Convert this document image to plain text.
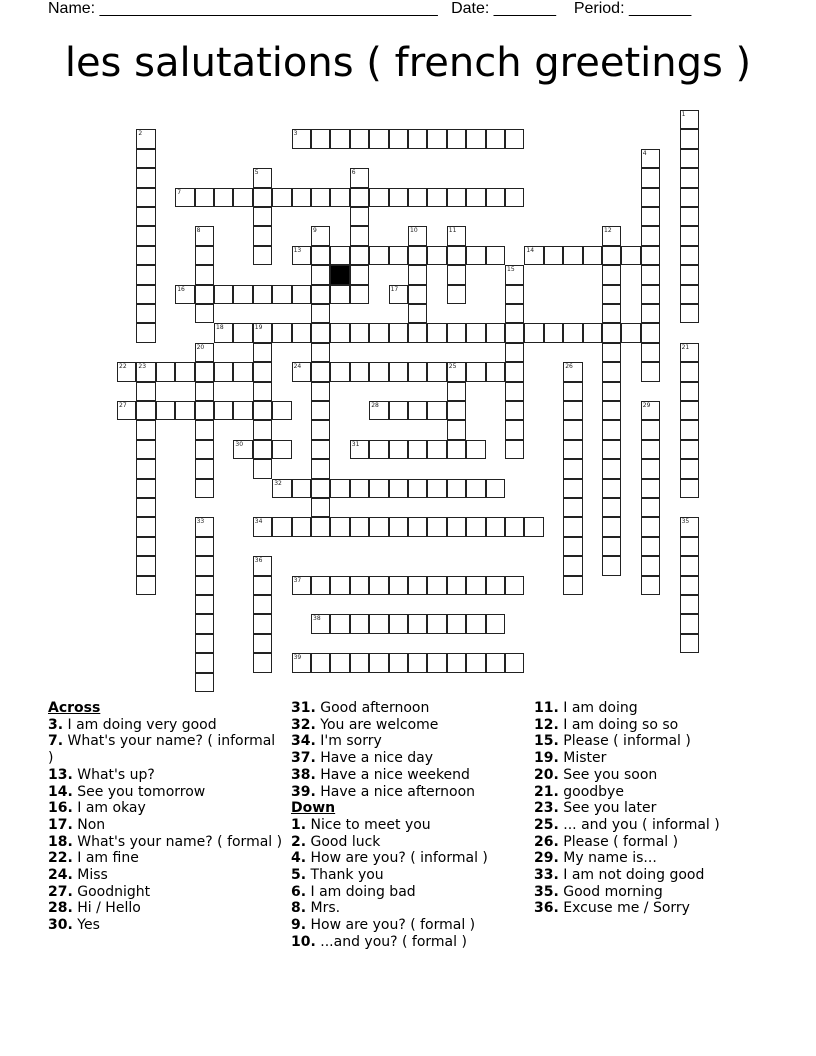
Name: ______________________________________ Date: _______ Period: _______
les salutations ( french greetings )
1
2	3
4
5	6
7
8	9	10	11	12
13	14
15
16	17
18	19
20	21
22 23	24	25	26
27	28	29
30	31
32
33	34	35
36
37
38
39
Across
3. I am doing very good
7. What's your name? ( informal )
13. What's up?
14. See you tomorrow
16. I am okay
17. Non
18. What's your name? ( formal )
22. I am fine
24. Miss
27. Goodnight
28. Hi / Hello
30. Yes
31. Good afternoon
32. You are welcome
34. I'm sorry
37. Have a nice day
38. Have a nice weekend
39. Have a nice afternoon
Down
1. Nice to meet you
2. Good luck
4. How are you? ( informal )
5. Thank you
6. I am doing bad
8. Mrs.
9. How are you? ( formal )
10. ...and you? ( formal )
11. I am doing
12. I am doing so so
15. Please ( informal )
19. Mister
20. See you soon
21. goodbye
23. See you later
25. ... and you ( informal )
26. Please ( formal )
29. My name is...
33. I am not doing good
35. Good morning
36. Excuse me / Sorry
